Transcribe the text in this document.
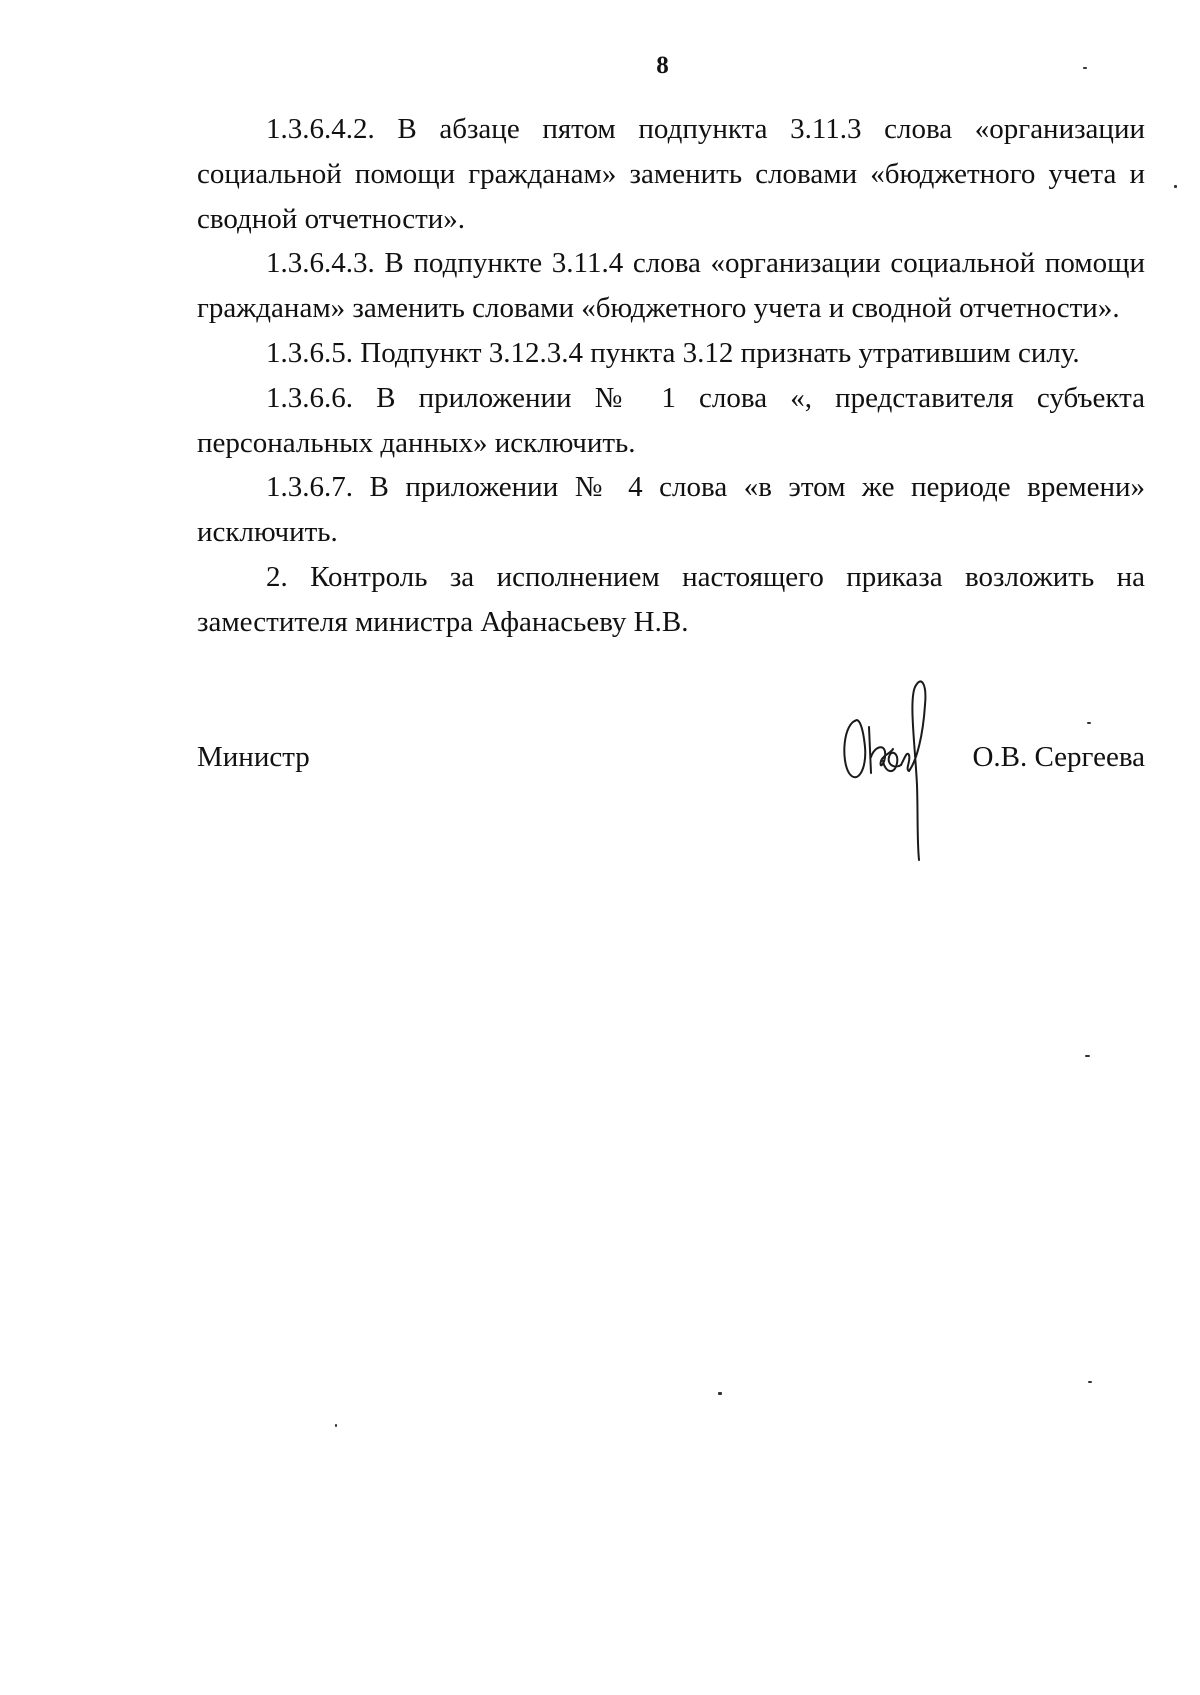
8

1.3.6.4.2. В абзаце пятом подпункта 3.11.3 слова «организации социальной помощи гражданам» заменить словами «бюджетного учета и сводной отчетности».

1.3.6.4.3. В подпункте 3.11.4 слова «организации социальной помощи гражданам» заменить словами «бюджетного учета и сводной отчетности».

1.3.6.5. Подпункт 3.12.3.4 пункта 3.12 признать утратившим силу.

1.3.6.6. В приложении № 1 слова «, представителя субъекта персональных данных» исключить.

1.3.6.7. В приложении № 4 слова «в этом же периоде времени» исключить.

2. Контроль за исполнением настоящего приказа возложить на заместителя министра Афанасьеву Н.В.

Министр	О.В. Сергеева
